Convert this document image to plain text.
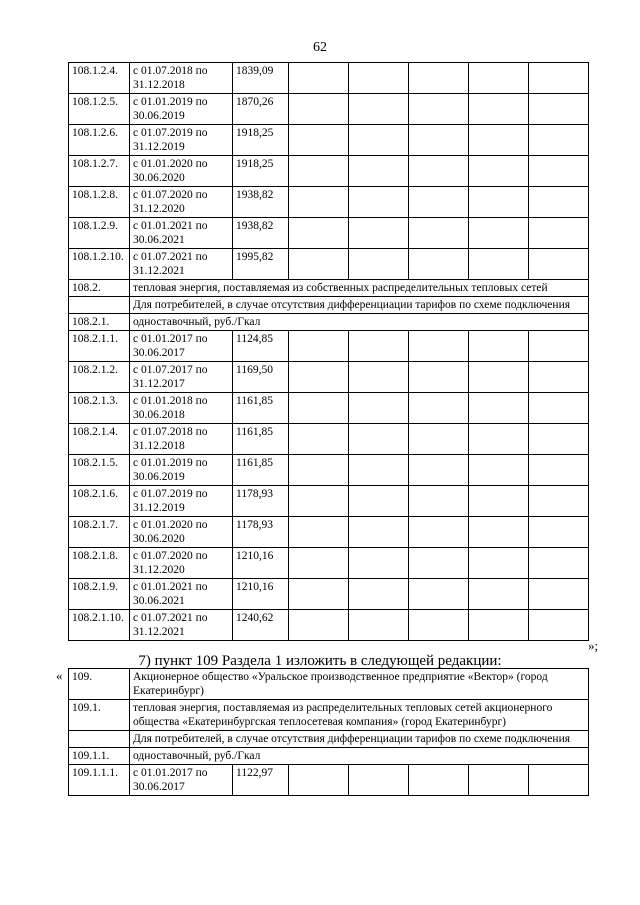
62
108.1.2.4.	с 01.07.2018 по 31.12.2018	1839,09					
108.1.2.5.	с 01.01.2019 по 30.06.2019	1870,26					
108.1.2.6.	с 01.07.2019 по 31.12.2019	1918,25					
108.1.2.7.	с 01.01.2020 по 30.06.2020	1918,25					
108.1.2.8.	с 01.07.2020 по 31.12.2020	1938,82					
108.1.2.9.	с 01.01.2021 по 30.06.2021	1938,82					
108.1.2.10.	с 01.07.2021 по 31.12.2021	1995,82					
108.2.	тепловая энергия, поставляемая из собственных распределительных тепловых сетей						
	Для потребителей, в случае отсутствия дифференциации тарифов по схеме подключения						
108.2.1.	одноставочный, руб./Гкал						
108.2.1.1.	с 01.01.2017 по 30.06.2017	1124,85					
108.2.1.2.	с 01.07.2017 по 31.12.2017	1169,50					
108.2.1.3.	с 01.01.2018 по 30.06.2018	1161,85					
108.2.1.4.	с 01.07.2018 по 31.12.2018	1161,85					
108.2.1.5.	с 01.01.2019 по 30.06.2019	1161,85					
108.2.1.6.	с 01.07.2019 по 31.12.2019	1178,93					
108.2.1.7.	с 01.01.2020 по 30.06.2020	1178,93					
108.2.1.8.	с 01.07.2020 по 31.12.2020	1210,16					
108.2.1.9.	с 01.01.2021 по 30.06.2021	1210,16					
108.2.1.10.	с 01.07.2021 по 31.12.2021	1240,62					
»;
7) пункт 109 Раздела 1 изложить в следующей редакции:
« 109.	Акционерное общество «Уральское производственное предприятие «Вектор» (город Екатеринбург)						
109.1.	тепловая энергия, поставляемая из распределительных тепловых сетей акционерного общества «Екатеринбургская теплосетевая компания» (город Екатеринбург)						
	Для потребителей, в случае отсутствия дифференциации тарифов по схеме подключения						
109.1.1.	одноставочный, руб./Гкал						
109.1.1.1.	с 01.01.2017 по 30.06.2017	1122,97					
